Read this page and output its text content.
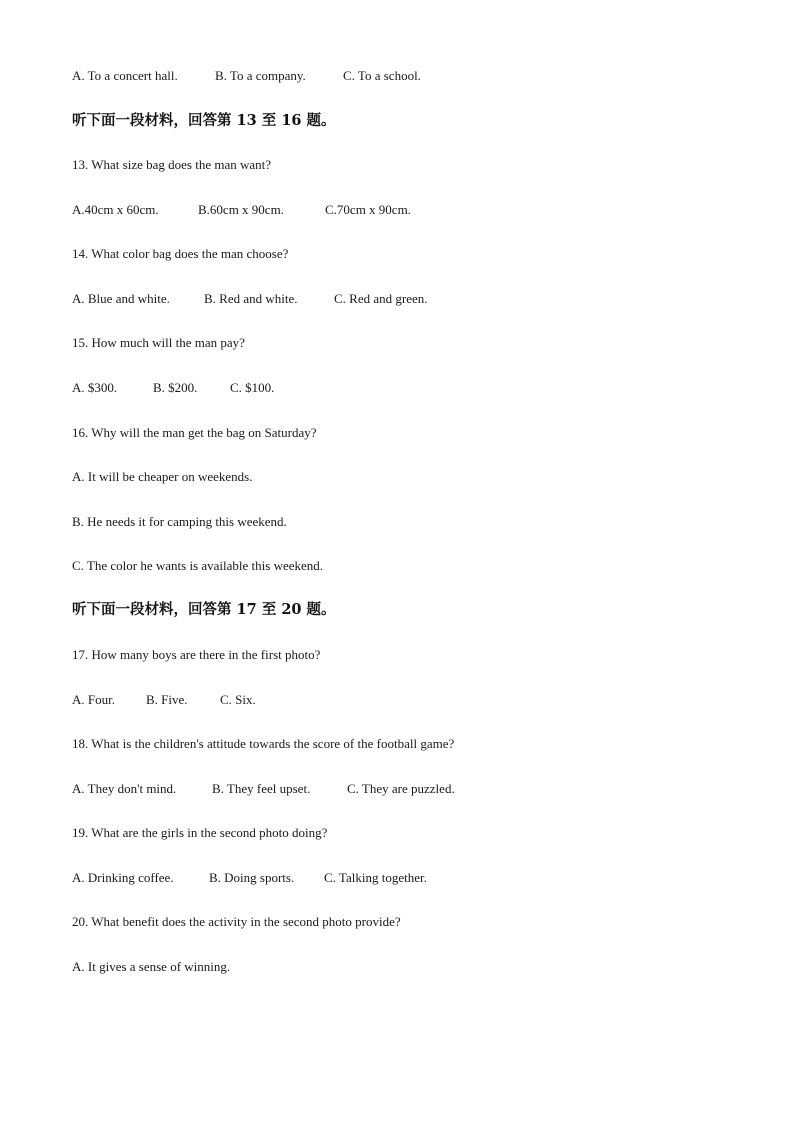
A. To a concert hall.	B. To a company.	C. To a school.
听下面一段材料，回答第 13 至 16 题。
13. What size bag does the man want?
A.40cm x 60cm.	B.60cm x 90cm.	C.70cm x 90cm.
14. What color bag does the man choose?
A. Blue and white.	B. Red and white.	C. Red and green.
15. How much will the man pay?
A. $300.	B. $200.	C. $100.
16. Why will the man get the bag on Saturday?
A. It will be cheaper on weekends.
B. He needs it for camping this weekend.
C. The color he wants is available this weekend.
听下面一段材料，回答第 17 至 20 题。
17. How many boys are there in the first photo?
A. Four. B. Five. C. Six.
18. What is the children's attitude towards the score of the football game?
A. They don't mind.	B. They feel upset.	C. They are puzzled.
19. What are the girls in the second photo doing?
A. Drinking coffee.	B. Doing sports. C. Talking together.
20. What benefit does the activity in the second photo provide?
A. It gives a sense of winning.
